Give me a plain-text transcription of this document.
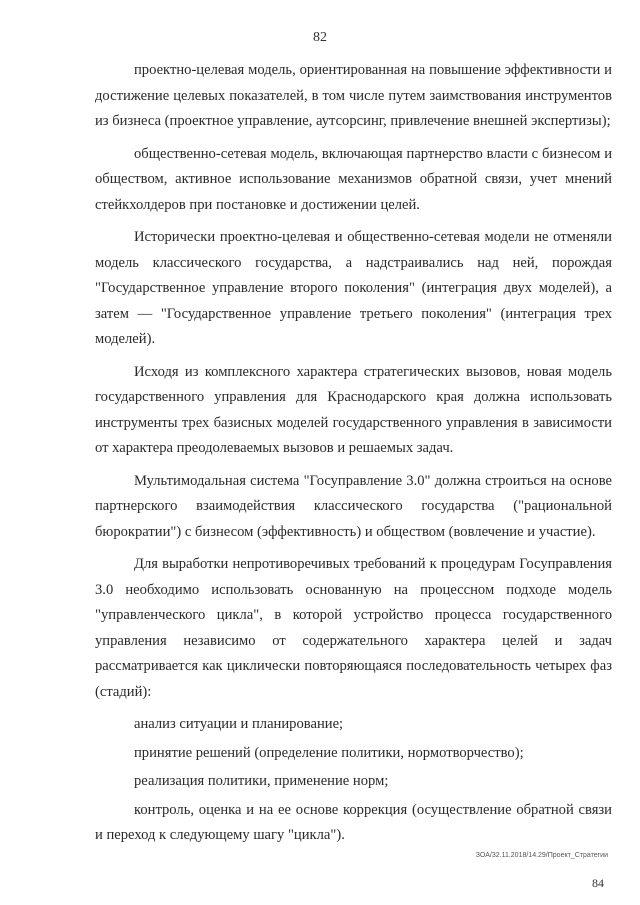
82

проектно-целевая модель, ориентированная на повышение эффективности и достижение целевых показателей, в том числе путем заимствования инструментов из бизнеса (проектное управление, аутсорсинг, привлечение внешней экспертизы);

общественно-сетевая модель, включающая партнерство власти с бизнесом и обществом, активное использование механизмов обратной связи, учет мнений стейкхолдеров при постановке и достижении целей.

Исторически проектно-целевая и общественно-сетевая модели не отменяли модель классического государства, а надстраивались над ней, порождая "Государственное управление второго поколения" (интеграция двух моделей), а затем — "Государственное управление третьего поколения" (интеграция трех моделей).

Исходя из комплексного характера стратегических вызовов, новая модель государственного управления для Краснодарского края должна использовать инструменты трех базисных моделей государственного управления в зависимости от характера преодолеваемых вызовов и решаемых задач.

Мультимодальная система "Госуправление 3.0" должна строиться на основе партнерского взаимодействия классического государства ("рациональной бюрократии") с бизнесом (эффективность) и обществом (вовлечение и участие).

Для выработки непротиворечивых требований к процедурам Госуправления 3.0 необходимо использовать основанную на процессном подходе модель "управленческого цикла", в которой устройство процесса государственного управления независимо от содержательного характера целей и задач рассматривается как циклически повторяющаяся последовательность четырех фаз (стадий):

анализ ситуации и планирование;

принятие решений (определение политики, нормотворчество);

реализация политики, применение норм;

контроль, оценка и на ее основе коррекция (осуществление обратной связи и переход к следующему шагу "цикла").

ЗОА/32.11.2018/14.29/Проект_Стратегии
84
